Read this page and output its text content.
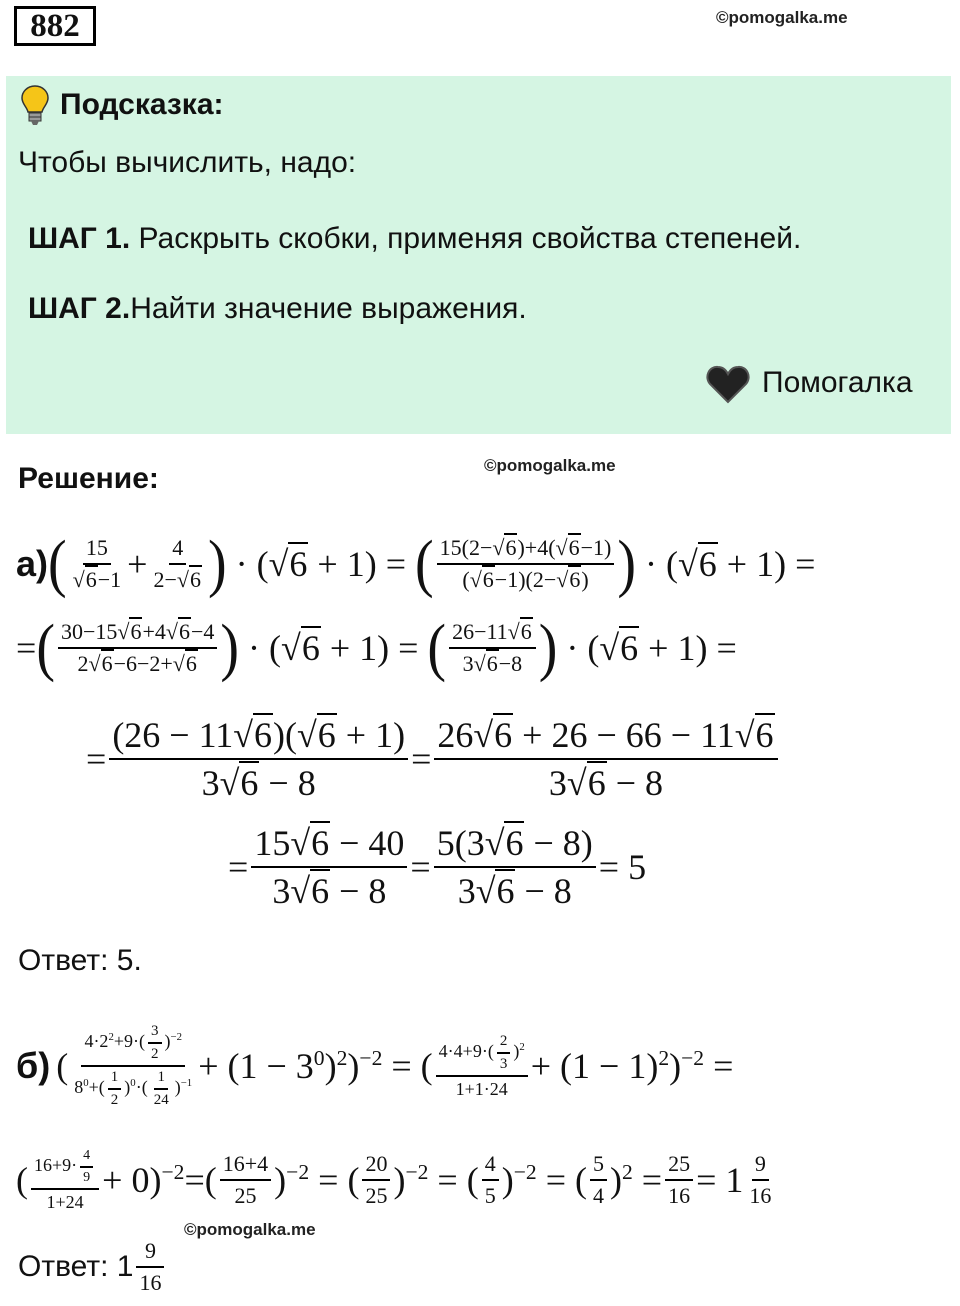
882	©pomogalka.me
Подсказка:
Чтобы вычислить, надо:
ШАГ 1. Раскрыть скобки, применяя свойства степеней.
ШАГ 2.Найти значение выражения.
Помогалка
Решение:	©pomogalka.me
а) ( $\frac{15}{√6-1} + \frac{4}{2-√6}$ ) · (√6 + 1) = ( $\frac{15(2-√6)+4(√6-1)}{(√6-1)(2-√6)}$ ) · (√6 + 1) =
= ( $\frac{30-15√6+4√6-4}{2√6-6-2+√6}$ ) · (√6 + 1) = ( $\frac{26-11√6}{3√6-8}$ ) · (√6 + 1) =
= $\frac{(26 - 11√6)(√6 + 1)}{3√6 - 8} = \frac{26√6 + 26 - 66 - 11√6}{3√6 - 8}$
= $\frac{15√6 - 40}{3√6 - 8} = \frac{5(3√6 - 8)}{3√6 - 8} = 5$
Ответ: 5.
б) ( $\frac{4\cdot 2^2+9\cdot( \frac{3}{2} )^{-2}}{8^0+( \frac{1}{2} )^0\cdot( \frac{1}{24} )^{-1}} + (1 - 3^0)^2)^{-2}$ = ( $\frac{4\cdot 4+9\cdot( \frac{2}{3} )^2}{1+1\cdot 24} + (1 - 1)^2)^{-2}$ =
( $\frac{16+9\cdot \frac{4}{9}}{1+24} + 0)^{-2}=( \frac{16+4}{25} )^{-2}$ = ( $\frac{20}{25} )^{-2}$ = ( $\frac{4}{5} )^{-2}$ = ( $\frac{5}{4} )^2 = \frac{25}{16} = 1 \frac{9}{16}$
©pomogalka.me
Ответ: $1 \frac{9}{16}$
